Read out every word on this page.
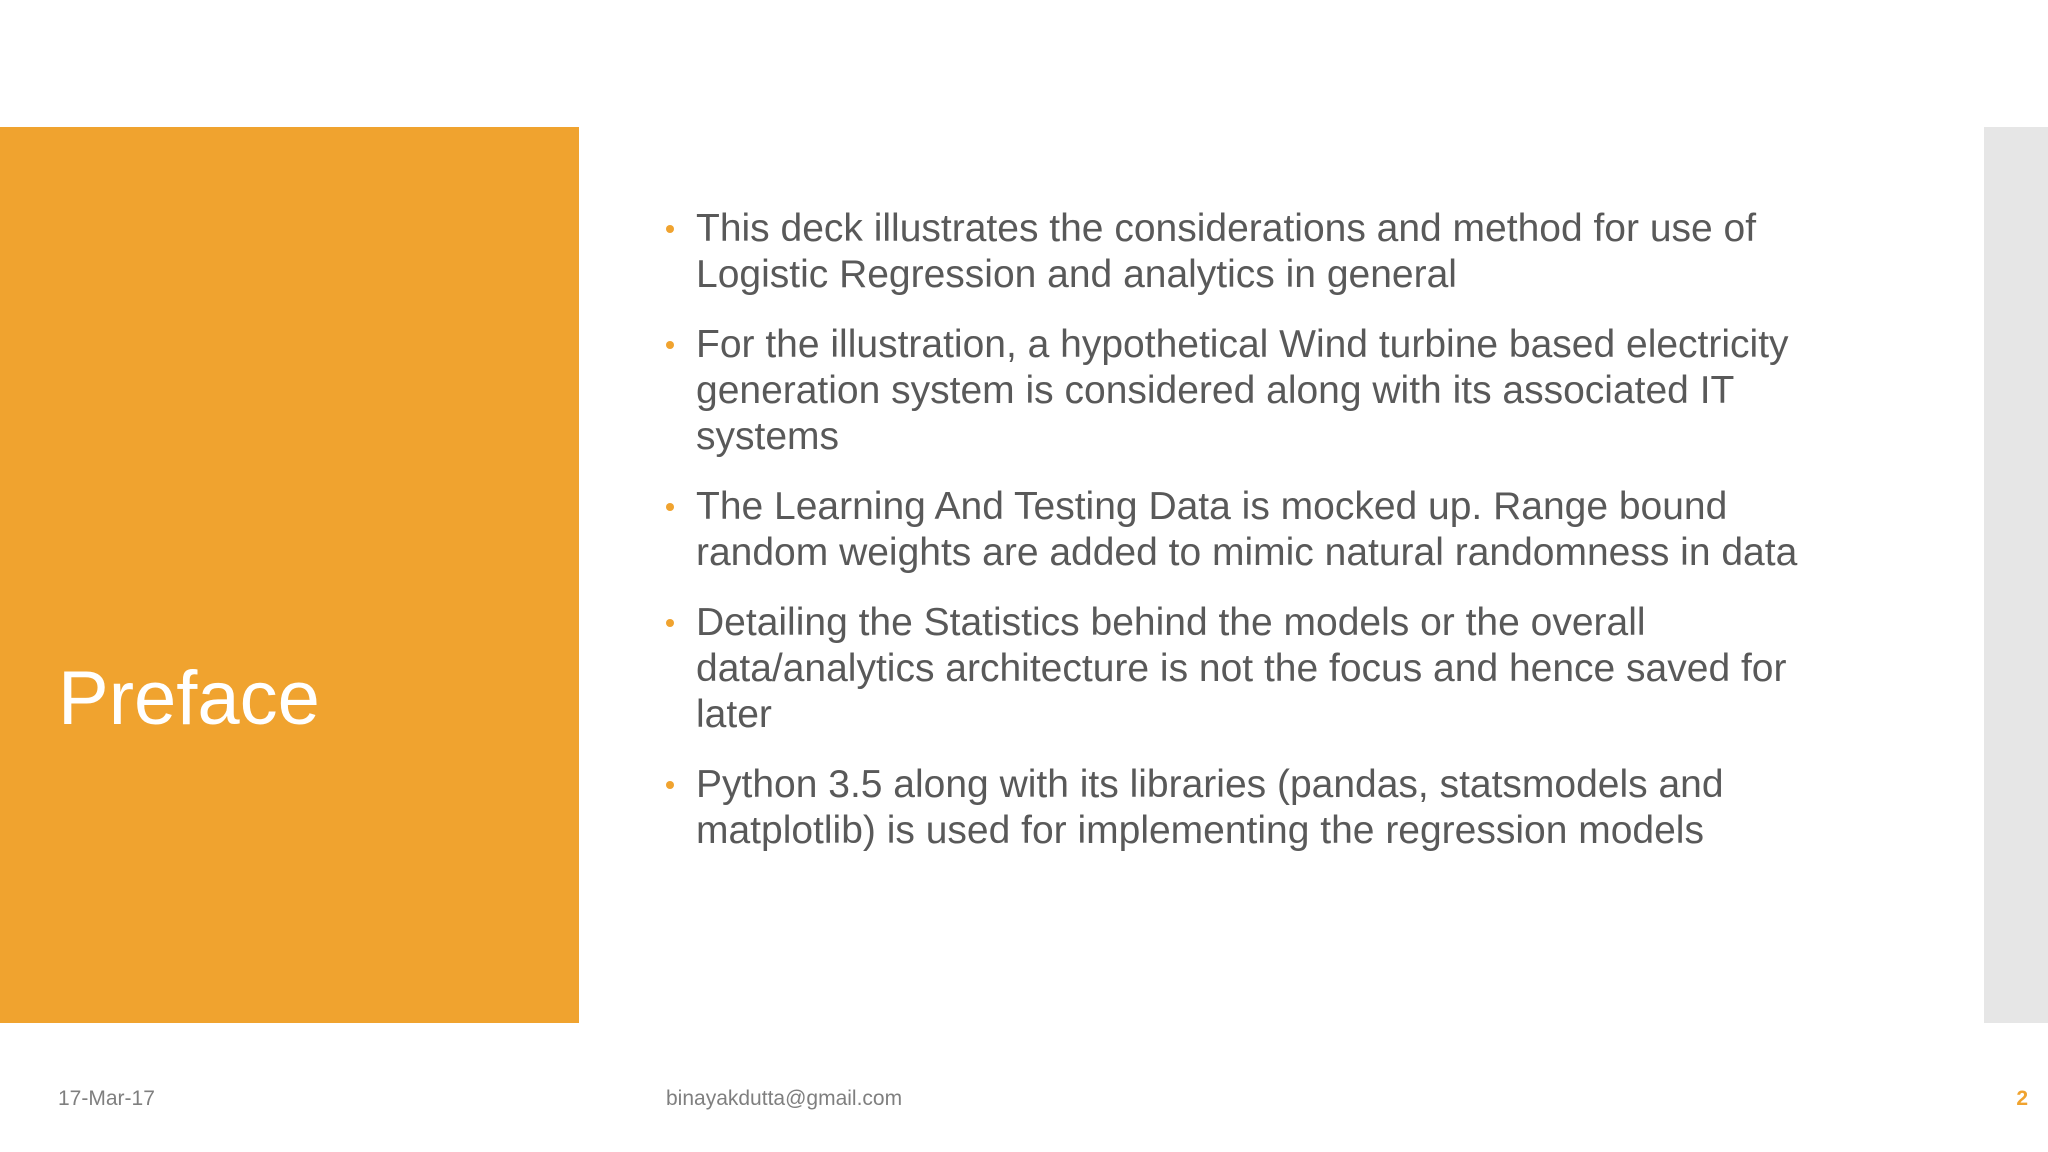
Preface
This deck illustrates the considerations and method for use of Logistic Regression and analytics in general
For the illustration, a hypothetical Wind turbine based electricity generation system is considered along with its associated IT systems
The Learning And Testing Data is mocked up. Range bound random weights are added to mimic natural randomness in data
Detailing the Statistics behind the models or the overall data/analytics architecture is not the focus and hence saved for later
Python 3.5 along with its libraries (pandas, statsmodels and matplotlib) is used for implementing the regression models
17-Mar-17	binayakdutta@gmail.com	2
